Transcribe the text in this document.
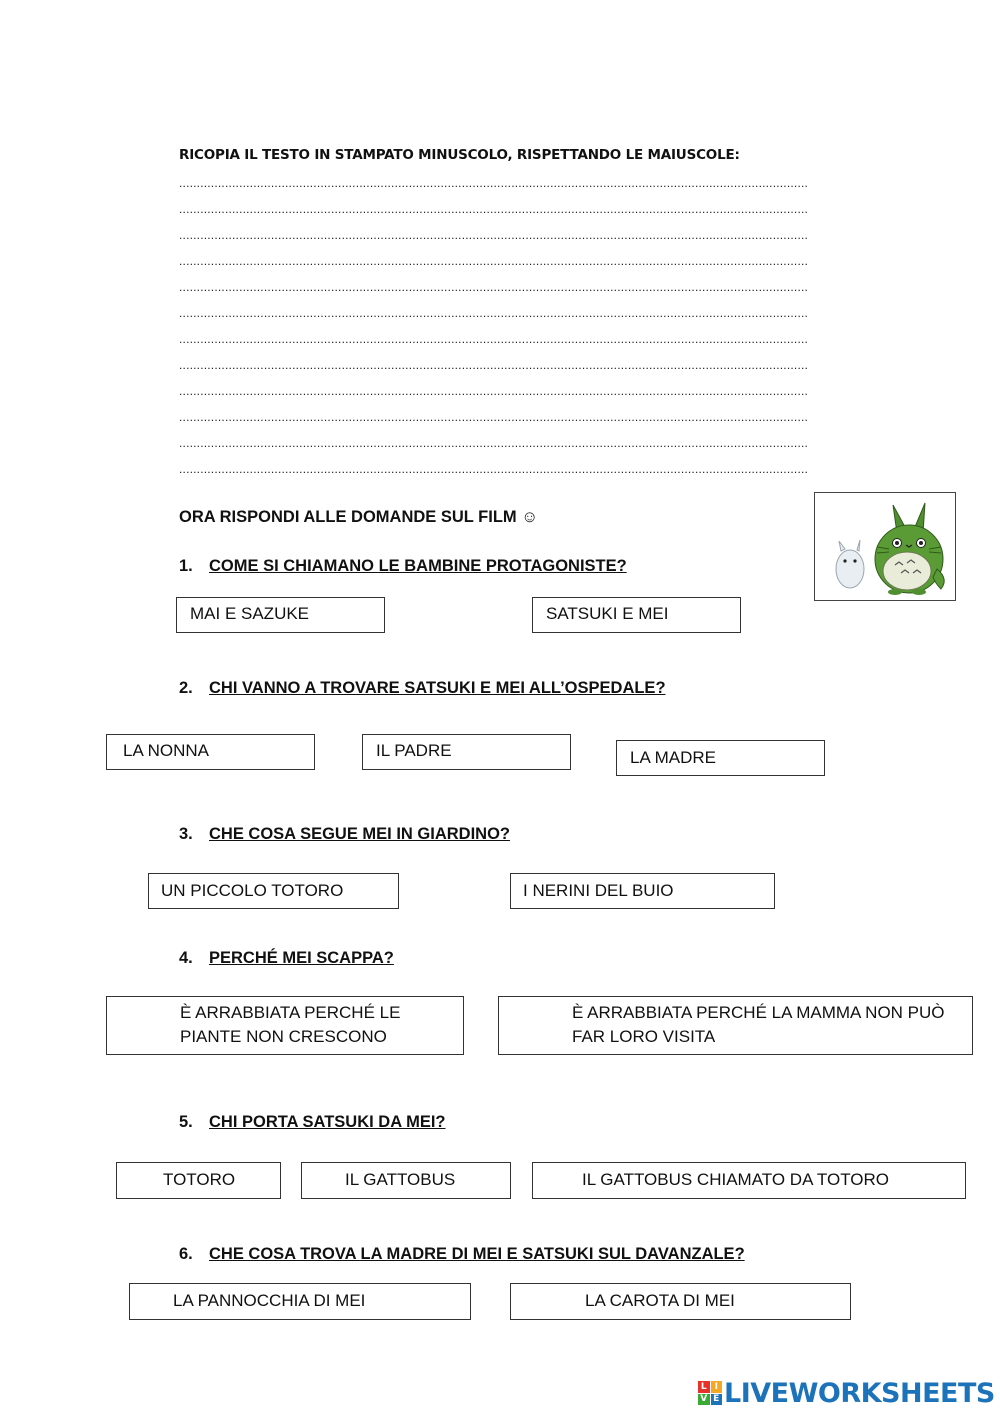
RICOPIA IL TESTO IN STAMPATO MINUSCOLO, RISPETTANDO LE MAIUSCOLE:
..................................................................................................................................................................................
..................................................................................................................................................................................
..................................................................................................................................................................................
..................................................................................................................................................................................
..................................................................................................................................................................................
..................................................................................................................................................................................
..................................................................................................................................................................................
..................................................................................................................................................................................
..................................................................................................................................................................................
..................................................................................................................................................................................
..................................................................................................................................................................................
..................................................................................................................................................................................
ORA RISPONDI ALLE DOMANDE SUL FILM ☺
1. COME SI CHIAMANO LE BAMBINE PROTAGONISTE?
MAI E SAZUKE	SATSUKI E MEI
2. CHI VANNO A TROVARE SATSUKI E MEI ALL’OSPEDALE?
LA NONNA	IL PADRE	LA MADRE
3. CHE COSA SEGUE MEI IN GIARDINO?
UN PICCOLO TOTORO	I NERINI DEL BUIO
4. PERCHÉ MEI SCAPPA?
È ARRABBIATA PERCHÉ LE PIANTE NON CRESCONO
È ARRABBIATA PERCHÉ LA MAMMA NON PUÒ FAR LORO VISITA
5. CHI PORTA SATSUKI DA MEI?
TOTORO	IL GATTOBUS	IL GATTOBUS CHIAMATO DA TOTORO
6. CHE COSA TROVA LA MADRE DI MEI E SATSUKI SUL DAVANZALE?
LA PANNOCCHIA DI MEI	LA CAROTA DI MEI
L I
V E LIVEWORKSHEETS
